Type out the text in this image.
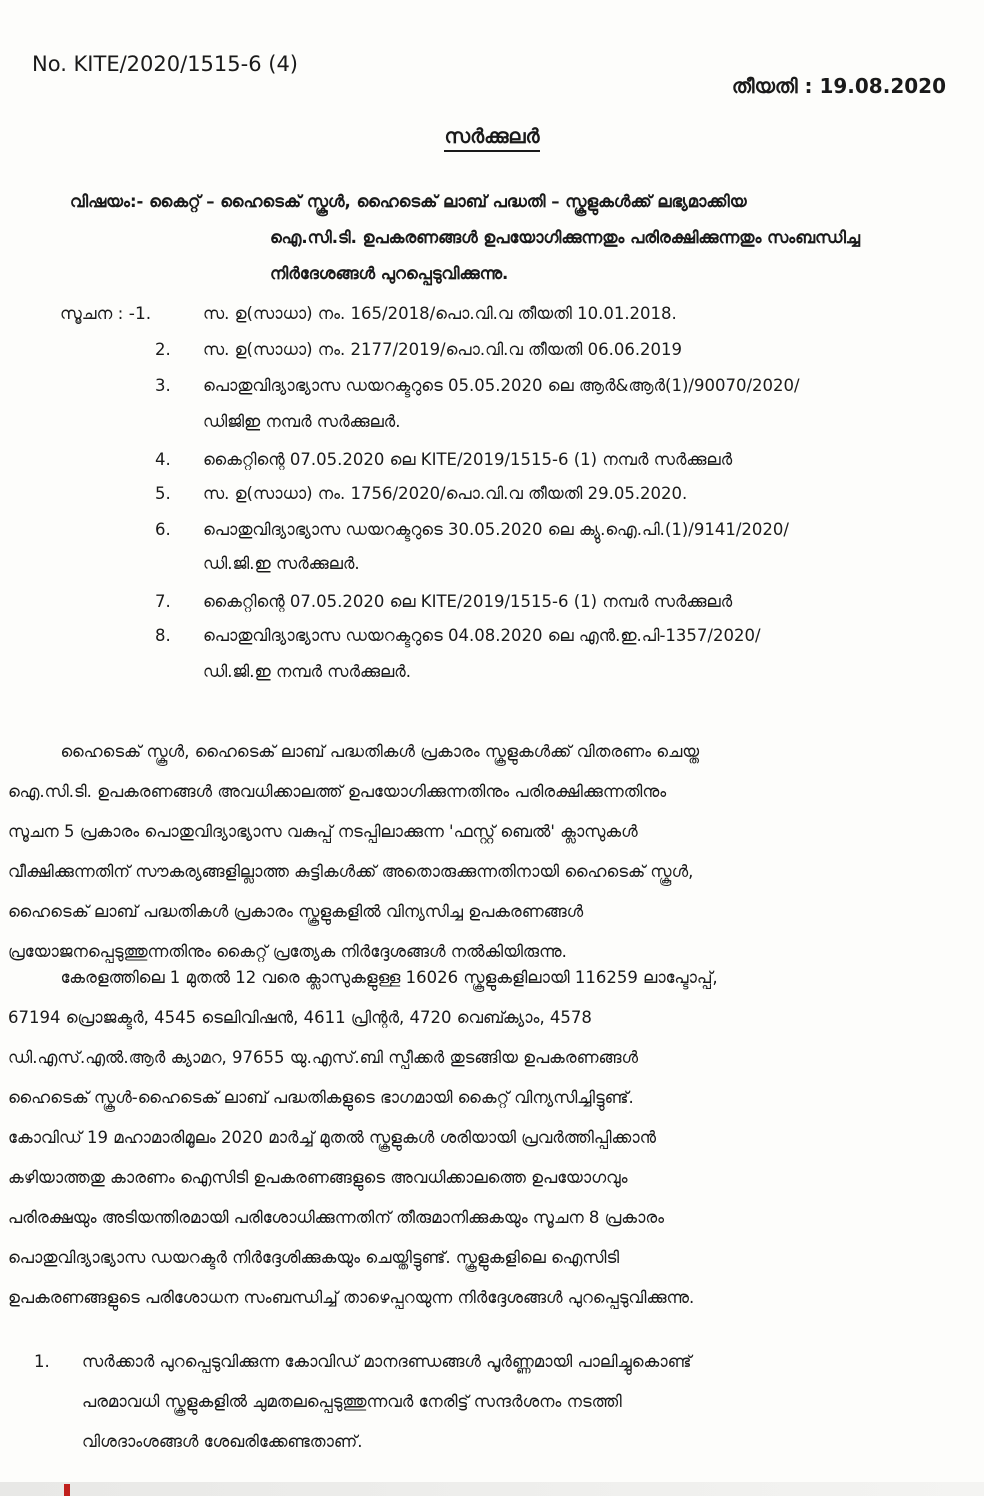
No. KITE/2020/1515-6 (4)
തീയതി : 19.08.2020
സർക്കുലർ
വിഷയം:- കൈറ്റ് – ഹൈടെക് സ്കൂൾ, ഹൈടെക് ലാബ് പദ്ധതി – സ്കൂളുകൾക്ക് ലഭ്യമാക്കിയ
ഐ.സി.ടി. ഉപകരണങ്ങൾ ഉപയോഗിക്കുന്നതും പരിരക്ഷിക്കുന്നതും സംബന്ധിച്ച
നിർദേശങ്ങൾ പുറപ്പെടുവിക്കുന്നു.
സൂചന : -1.	സ. ഉ(സാധാ) നം. 165/2018/പൊ.വി.വ തീയതി 10.01.2018.
2. സ. ഉ(സാധാ) നം. 2177/2019/പൊ.വി.വ തീയതി 06.06.2019
3. പൊതുവിദ്യാഭ്യാസ ഡയറക്ടറുടെ 05.05.2020 ലെ ആർ&ആർ(1)/90070/2020/
ഡിജിഇ നമ്പർ സർക്കുലർ.
4. കൈറ്റിന്റെ 07.05.2020 ലെ KITE/2019/1515-6 (1) നമ്പർ സർക്കുലർ
5. സ. ഉ(സാധാ) നം. 1756/2020/പൊ.വി.വ തീയതി 29.05.2020.
6. പൊതുവിദ്യാഭ്യാസ ഡയറക്ടറുടെ 30.05.2020 ലെ ക്യു.ഐ.പി.(1)/9141/2020/
ഡി.ജി.ഇ സർക്കുലർ.
7. കൈറ്റിന്റെ 07.05.2020 ലെ KITE/2019/1515-6 (1) നമ്പർ സർക്കുലർ
8. പൊതുവിദ്യാഭ്യാസ ഡയറക്ടറുടെ 04.08.2020 ലെ എൻ.ഇ.പി-1357/2020/
ഡി.ജി.ഇ നമ്പർ സർക്കുലർ.
ഹൈടെക് സ്കൂൾ, ഹൈടെക് ലാബ് പദ്ധതികൾ പ്രകാരം സ്കൂളുകൾക്ക് വിതരണം ചെയ്ത
ഐ.സി.ടി. ഉപകരണങ്ങൾ അവധിക്കാലത്ത് ഉപയോഗിക്കുന്നതിനും പരിരക്ഷിക്കുന്നതിനും
സൂചന 5 പ്രകാരം പൊതുവിദ്യാഭ്യാസ വകുപ്പ് നടപ്പിലാക്കുന്ന 'ഫസ്റ്റ് ബെൽ' ക്ലാസുകൾ
വീക്ഷിക്കുന്നതിന് സൗകര്യങ്ങളില്ലാത്ത കുട്ടികൾക്ക് അതൊരുക്കുന്നതിനായി ഹൈടെക് സ്കൂൾ,
ഹൈടെക് ലാബ് പദ്ധതികൾ പ്രകാരം സ്കൂളുകളിൽ വിന്യസിച്ച ഉപകരണങ്ങൾ
പ്രയോജനപ്പെടുത്തുന്നതിനും കൈറ്റ് പ്രത്യേക നിർദ്ദേശങ്ങൾ നൽകിയിരുന്നു.
കേരളത്തിലെ 1 മുതൽ 12 വരെ ക്ലാസുകളുള്ള 16026 സ്കൂളുകളിലായി 116259 ലാപ്ടോപ്പ്,
67194 പ്രൊജക്ടർ, 4545 ടെലിവിഷൻ, 4611 പ്രിന്റർ, 4720 വെബ്ക്യാം, 4578
ഡി.എസ്.എൽ.ആർ ക്യാമറ, 97655 യു.എസ്.ബി സ്പീക്കർ തുടങ്ങിയ ഉപകരണങ്ങൾ
ഹൈടെക് സ്കൂൾ-ഹൈടെക് ലാബ് പദ്ധതികളുടെ ഭാഗമായി കൈറ്റ് വിന്യസിച്ചിട്ടുണ്ട്.
കോവിഡ് 19 മഹാമാരിമൂലം 2020 മാർച്ച് മുതൽ സ്കൂളുകൾ ശരിയായി പ്രവർത്തിപ്പിക്കാൻ
കഴിയാത്തതു കാരണം ഐസിടി ഉപകരണങ്ങളുടെ അവധിക്കാലത്തെ ഉപയോഗവും
പരിരക്ഷയും അടിയന്തിരമായി പരിശോധിക്കുന്നതിന് തീരുമാനിക്കുകയും സൂചന 8 പ്രകാരം
പൊതുവിദ്യാഭ്യാസ ഡയറക്ടർ നിർദ്ദേശിക്കുകയും ചെയ്തിട്ടുണ്ട്. സ്കൂളുകളിലെ ഐസിടി
ഉപകരണങ്ങളുടെ പരിശോധന സംബന്ധിച്ച് താഴെപ്പറയുന്ന നിർദ്ദേശങ്ങൾ പുറപ്പെടുവിക്കുന്നു.
1.	സർക്കാർ പുറപ്പെടുവിക്കുന്ന കോവിഡ് മാനദണ്ഡങ്ങൾ പൂർണ്ണമായി പാലിച്ചുകൊണ്ട്
പരമാവധി സ്കൂളുകളിൽ ചുമതലപ്പെടുത്തുന്നവർ നേരിട്ട് സന്ദർശനം നടത്തി
വിശദാംശങ്ങൾ ശേഖരിക്കേണ്ടതാണ്.
